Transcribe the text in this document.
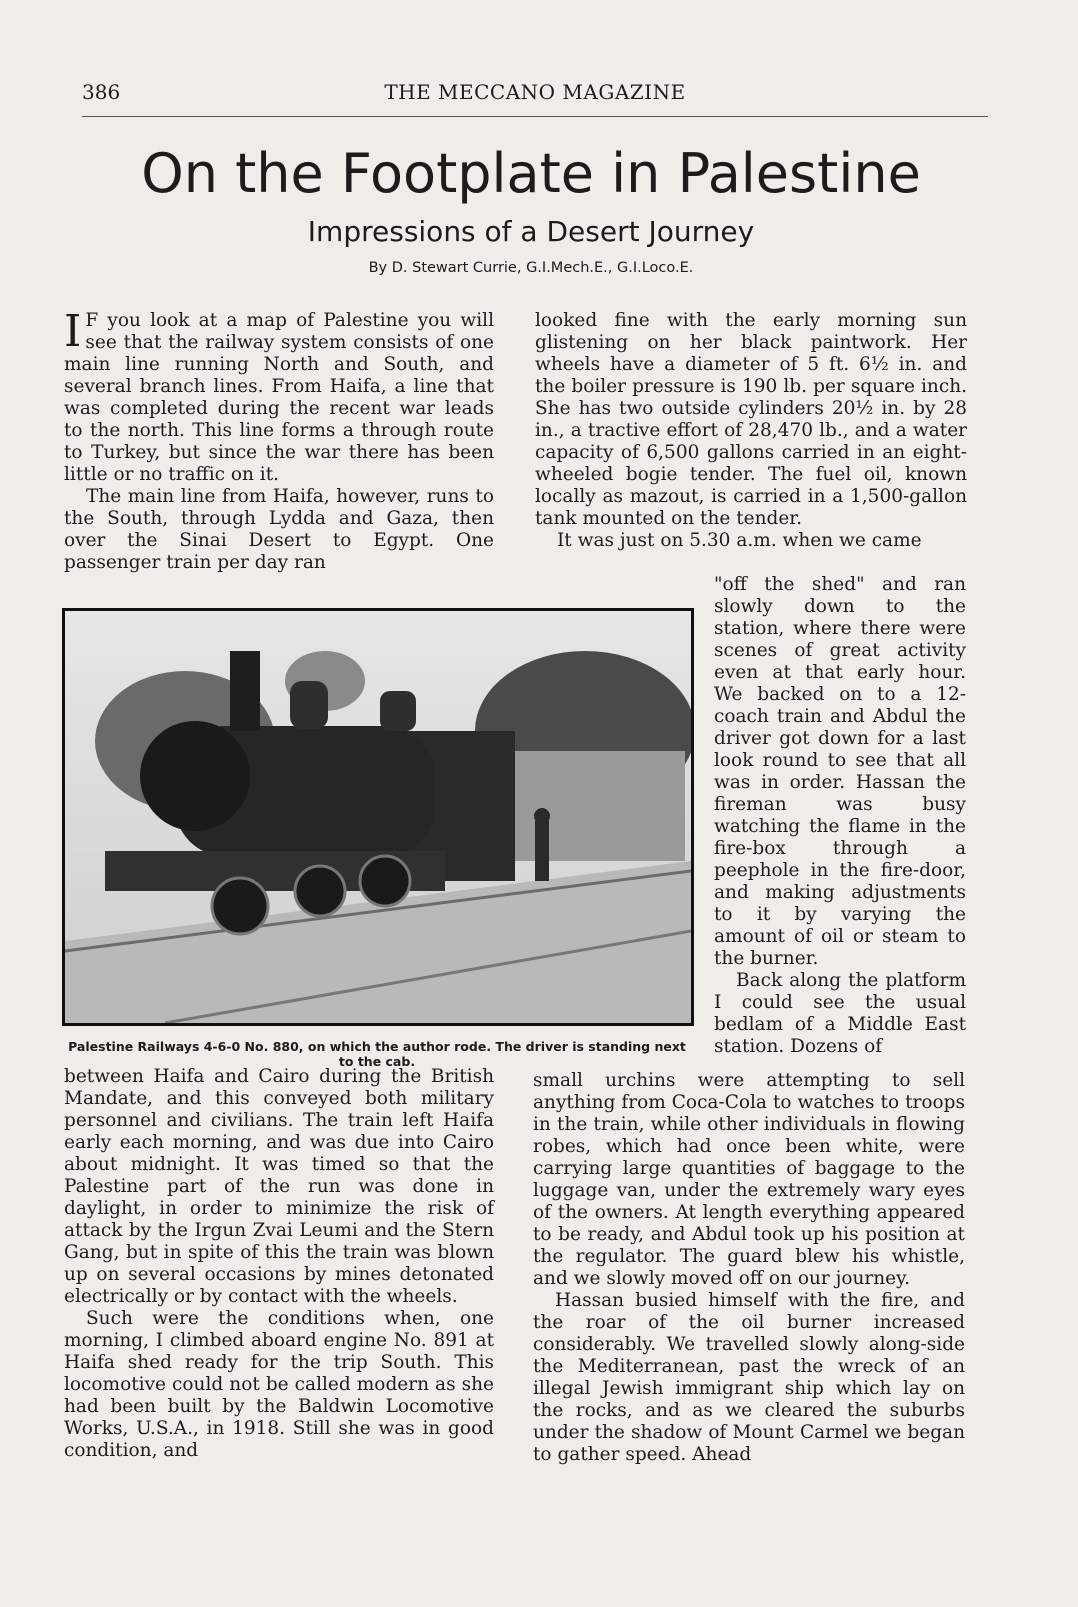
386	THE MECCANO MAGAZINE
On the Footplate in Palestine
Impressions of a Desert Journey
By D. Stewart Currie, G.I.Mech.E., G.I.Loco.E.

I F you look at a map of Palestine you will see that the railway system consists of one main line running North and South, and several branch lines. From Haifa, a line that was completed during the recent war leads to the north. This line forms a through route to Turkey, but since the war there has been little or no traffic on it.

The main line from Haifa, however, runs to the South, through Lydda and Gaza, then over the Sinai Desert to Egypt. One passenger train per day ran

looked fine with the early morning sun glistening on her black paintwork. Her wheels have a diameter of 5 ft. 6½ in. and the boiler pressure is 190 lb. per square inch. She has two outside cylinders 20½ in. by 28 in., a tractive effort of 28,470 lb., and a water capacity of 6,500 gallons carried in an eight-wheeled bogie tender. The fuel oil, known locally as mazout, is carried in a 1,500-gallon tank mounted on the tender.

It was just on 5.30 a.m. when we came

"off the shed" and ran slowly down to the station, where there were scenes of great activity even at that early hour. We backed on to a 12-coach train and Abdul the driver got down for a last look round to see that all was in order. Hassan the fireman was busy watching the flame in the fire-box through a peephole in the fire-door, and making adjustments to it by varying the amount of oil or steam to the burner.

Back along the platform I could see the usual bedlam of a Middle East station. Dozens of

Palestine Railways 4-6-0 No. 880, on which the author rode. The driver is standing next to the cab.

between Haifa and Cairo during the British Mandate, and this conveyed both military personnel and civilians. The train left Haifa early each morning, and was due into Cairo about midnight. It was timed so that the Palestine part of the run was done in daylight, in order to minimize the risk of attack by the Irgun Zvai Leumi and the Stern Gang, but in spite of this the train was blown up on several occasions by mines detonated electrically or by contact with the wheels.

Such were the conditions when, one morning, I climbed aboard engine No. 891 at Haifa shed ready for the trip South. This locomotive could not be called modern as she had been built by the Baldwin Locomotive Works, U.S.A., in 1918. Still she was in good condition, and

small urchins were attempting to sell anything from Coca-Cola to watches to troops in the train, while other individuals in flowing robes, which had once been white, were carrying large quantities of baggage to the luggage van, under the extremely wary eyes of the owners. At length everything appeared to be ready, and Abdul took up his position at the regulator. The guard blew his whistle, and we slowly moved off on our journey.

Hassan busied himself with the fire, and the roar of the oil burner increased considerably. We travelled slowly along-side the Mediterranean, past the wreck of an illegal Jewish immigrant ship which lay on the rocks, and as we cleared the suburbs under the shadow of Mount Carmel we began to gather speed. Ahead
